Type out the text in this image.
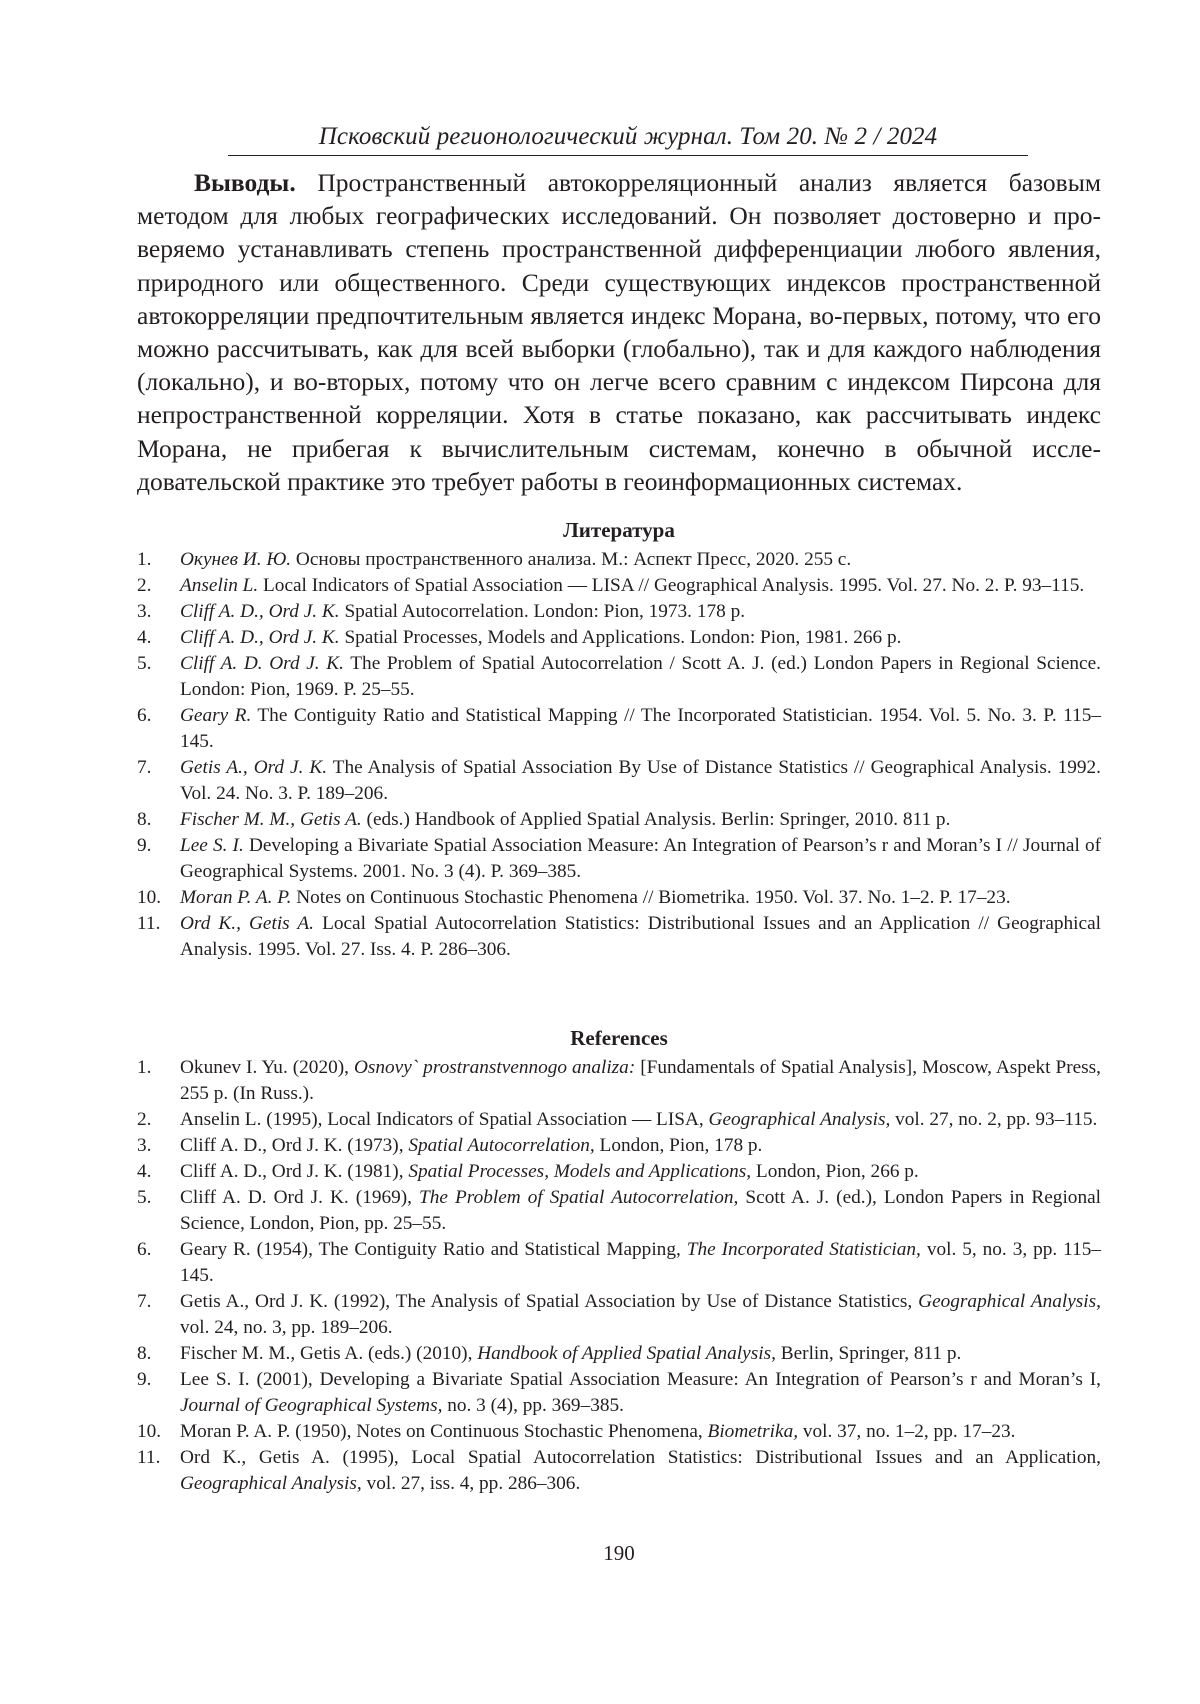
Псковский регионологический журнал. Том 20. № 2 / 2024

Выводы. Пространственный автокорреляционный анализ является базовым методом для любых географических исследований. Он позволяет достоверно и проверяемо устанавливать степень пространственной дифференциации любого явления, природного или общественного. Среди существующих индексов пространственной автокорреляции предпочтительным является индекс Морана, во-первых, потому, что его можно рассчитывать, как для всей выборки (глобально), так и для каждого наблюдения (локально), и во-вторых, потому что он легче всего сравним с индексом Пирсона для непространственной корреляции. Хотя в статье показано, как рассчитывать индекс Морана, не прибегая к вычислительным системам, конечно в обычной исследовательской практике это требует работы в геоинформационных системах.

Литература
1.	Окунев И. Ю. Основы пространственного анализа. М.: Аспект Пресс, 2020. 255 с.
2.	Anselin L. Local Indicators of Spatial Association — LISA // Geographical Analysis. 1995. Vol. 27. No. 2. P. 93–115.
3.	Cliff A. D., Ord J. K. Spatial Autocorrelation. London: Pion, 1973. 178 p.
4.	Cliff A. D., Ord J. K. Spatial Processes, Models and Applications. London: Pion, 1981. 266 p.
5.	Cliff A. D. Ord J. K. The Problem of Spatial Autocorrelation / Scott A. J. (ed.) London Papers in Regional Science. London: Pion, 1969. P. 25–55.
6.	Geary R. The Contiguity Ratio and Statistical Mapping // The Incorporated Statistician. 1954. Vol. 5. No. 3. P. 115–145.
7.	Getis A., Ord J. K. The Analysis of Spatial Association By Use of Distance Statistics // Geographical Analysis. 1992. Vol. 24. No. 3. P. 189–206.
8.	Fischer M. M., Getis A. (eds.) Handbook of Applied Spatial Analysis. Berlin: Springer, 2010. 811 p.
9.	Lee S. I. Developing a Bivariate Spatial Association Measure: An Integration of Pearson’s r and Moran’s I // Journal of Geographical Systems. 2001. No. 3 (4). P. 369–385.
10. Moran P. A. P. Notes on Continuous Stochastic Phenomena // Biometrika. 1950. Vol. 37. No. 1–2. P. 17–23.
11.	Ord K., Getis A. Local Spatial Autocorrelation Statistics: Distributional Issues and an Application // Geographical Analysis. 1995. Vol. 27. Iss. 4. P. 286–306.
References
1.	Okunev I. Yu. (2020), Osnovy` prostranstvennogo analiza: [Fundamentals of Spatial Analysis], Moscow, Aspekt Press, 255 p. (In Russ.).
2.	Anselin L. (1995), Local Indicators of Spatial Association — LISA, Geographical Analysis, vol. 27, no. 2, pp. 93–115.
3.	Cliff A. D., Ord J. K. (1973), Spatial Autocorrelation, London, Pion, 178 p.
4.	Cliff A. D., Ord J. K. (1981), Spatial Processes, Models and Applications, London, Pion, 266 p.
5.	Cliff A. D. Ord J. K. (1969), The Problem of Spatial Autocorrelation, Scott A. J. (ed.), London Papers in Regional Science, London, Pion, pp. 25–55.
6.	Geary R. (1954), The Contiguity Ratio and Statistical Mapping, The Incorporated Statistician, vol. 5, no. 3, pp. 115–145.
7.	Getis A., Ord J. K. (1992), The Analysis of Spatial Association by Use of Distance Statistics, Geographical Analysis, vol. 24, no. 3, pp. 189–206.
8.	Fischer M. M., Getis A. (eds.) (2010), Handbook of Applied Spatial Analysis, Berlin, Springer, 811 p.
9.	Lee S. I. (2001), Developing a Bivariate Spatial Association Measure: An Integration of Pearson’s r and Moran’s I, Journal of Geographical Systems, no. 3 (4), pp. 369–385.
10. Moran P. A. P. (1950), Notes on Continuous Stochastic Phenomena, Biometrika, vol. 37, no. 1–2, pp. 17–23.
11.	Ord K., Getis A. (1995), Local Spatial Autocorrelation Statistics: Distributional Issues and an Application, Geographical Analysis, vol. 27, iss. 4, pp. 286–306.
190
